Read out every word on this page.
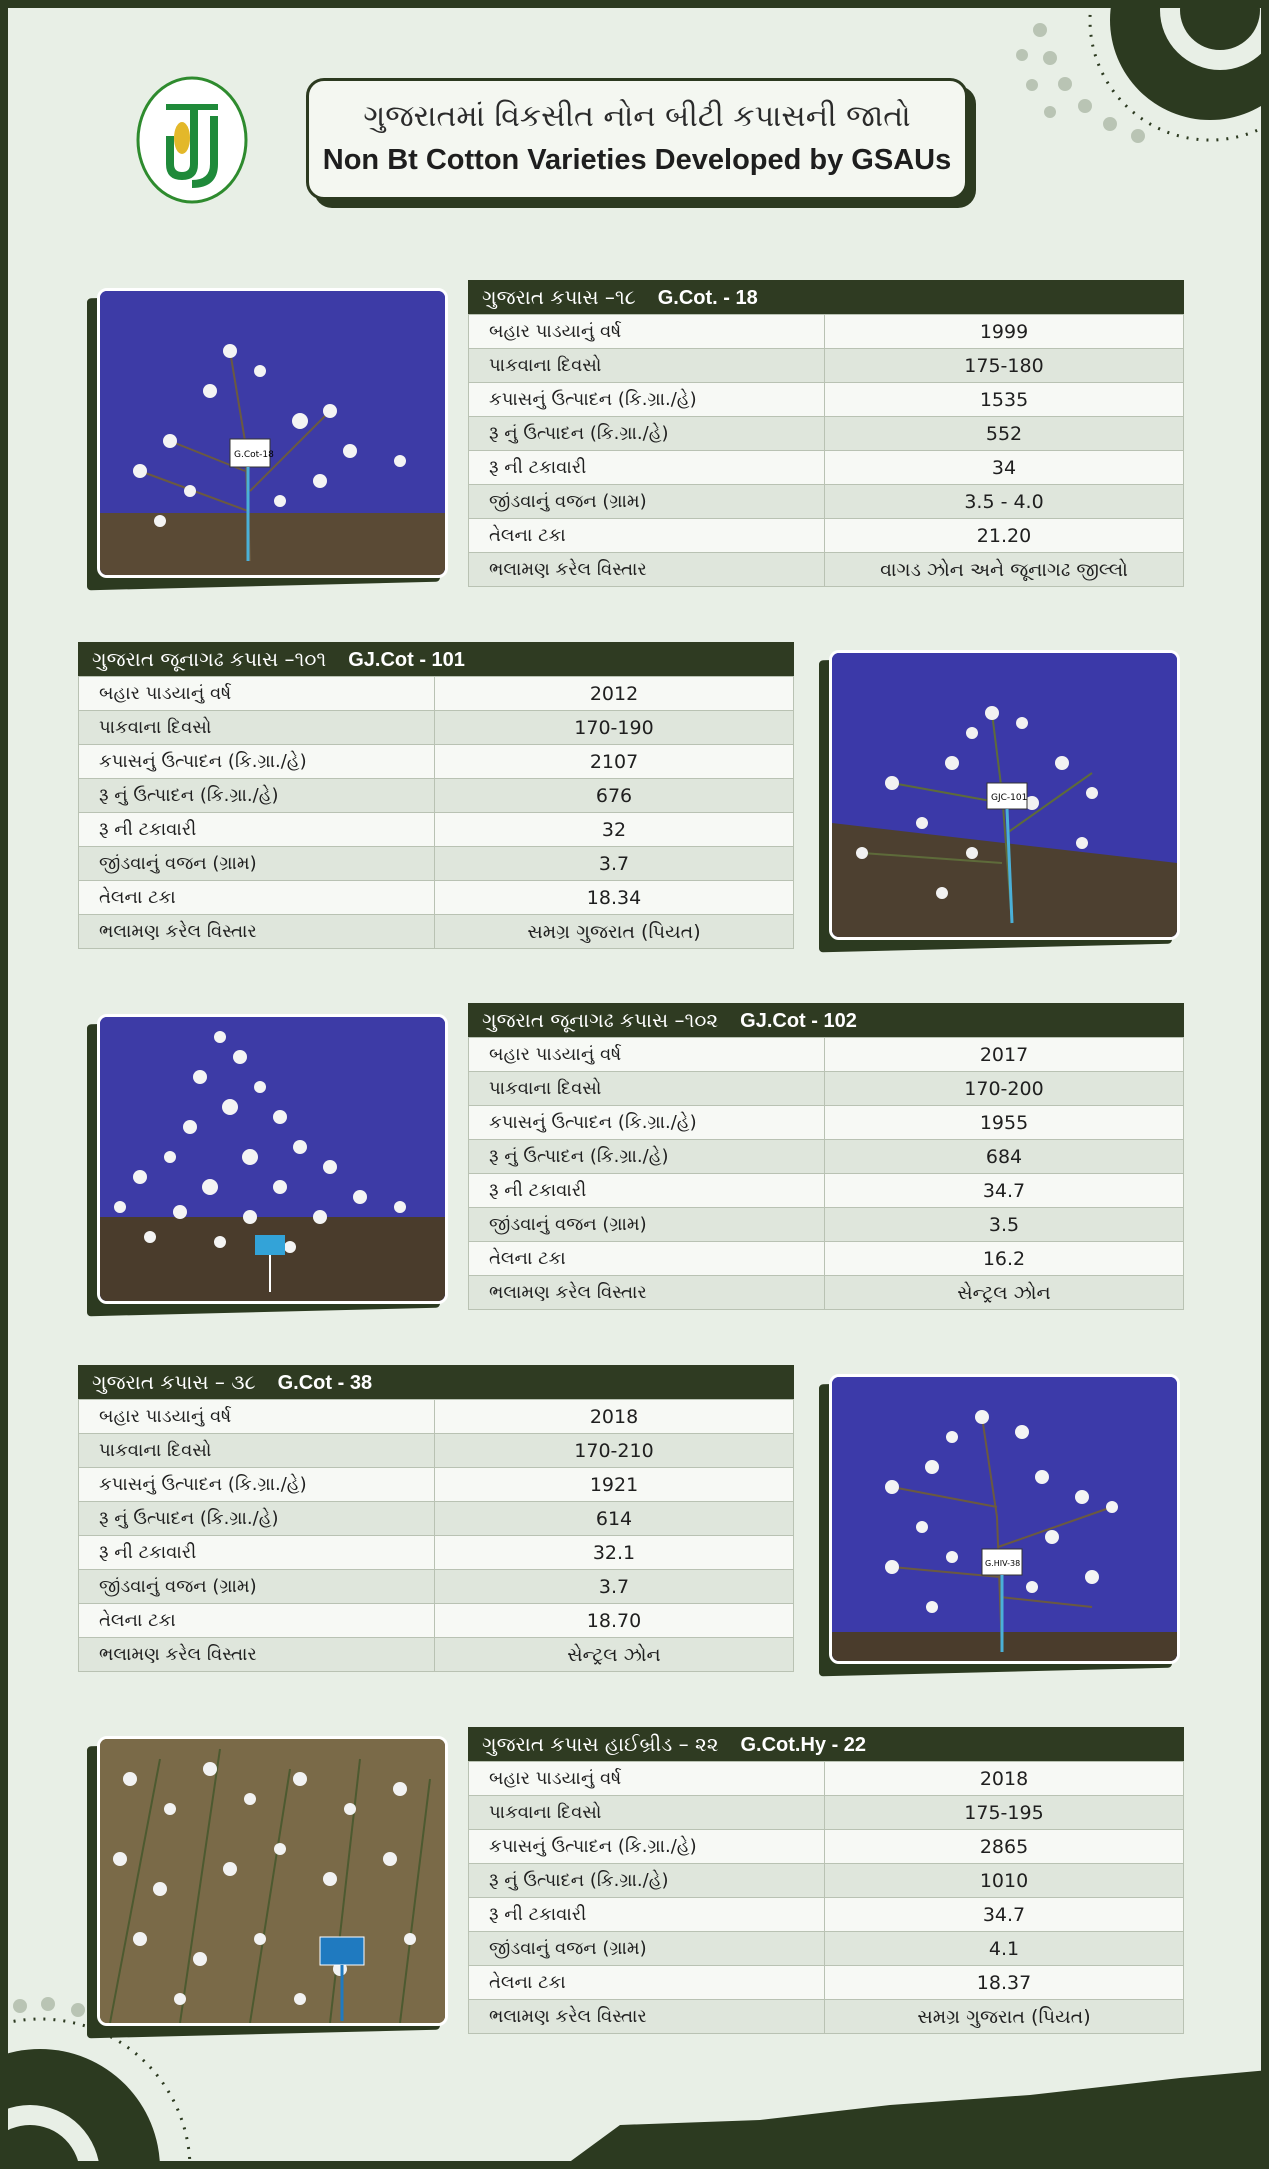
ગુજરાતમાં વિકસીત નોન બીટી કપાસની જાતો
Non Bt Cotton Varieties Developed by GSAUs
G.Cot-18
ગુજરાત કપાસ –૧૮ G.Cot. - 18
બહાર પાડયાનું વર્ષ	1999
પાકવાના દિવસો	175-180
કપાસનું ઉત્પાદન (કિ.ગ્રા./હે)	1535
રૂ નું ઉત્પાદન (કિ.ગ્રા./હે)	552
રૂ ની ટકાવારી	34
જીંડવાનું વજન (ગ્રામ)	3.5 - 4.0
તેલના ટકા	21.20
ભલામણ કરેલ વિસ્તાર	વાગડ ઝોન અને જૂનાગઢ જીલ્લો
ગુજરાત જૂનાગઢ કપાસ –૧૦૧ GJ.Cot - 101
બહાર પાડયાનું વર્ષ	2012
પાકવાના દિવસો	170-190
કપાસનું ઉત્પાદન (કિ.ગ્રા./હે)	2107
રૂ નું ઉત્પાદન (કિ.ગ્રા./હે)	676
રૂ ની ટકાવારી	32
જીંડવાનું વજન (ગ્રામ)	3.7
તેલના ટકા	18.34
ભલામણ કરેલ વિસ્તાર	સમગ્ર ગુજરાત (પિયત)
GJC-101
ગુજરાત જૂનાગઢ કપાસ –૧૦૨ GJ.Cot - 102
બહાર પાડયાનું વર્ષ	2017
પાકવાના દિવસો	170-200
કપાસનું ઉત્પાદન (કિ.ગ્રા./હે)	1955
રૂ નું ઉત્પાદન (કિ.ગ્રા./હે)	684
રૂ ની ટકાવારી	34.7
જીંડવાનું વજન (ગ્રામ)	3.5
તેલના ટકા	16.2
ભલામણ કરેલ વિસ્તાર	સેન્ટ્રલ ઝોન
ગુજરાત કપાસ – ૩૮ G.Cot - 38
બહાર પાડયાનું વર્ષ	2018
પાકવાના દિવસો	170-210
કપાસનું ઉત્પાદન (કિ.ગ્રા./હે)	1921
રૂ નું ઉત્પાદન (કિ.ગ્રા./હે)	614
રૂ ની ટકાવારી	32.1
જીંડવાનું વજન (ગ્રામ)	3.7
તેલના ટકા	18.70
ભલામણ કરેલ વિસ્તાર	સેન્ટ્રલ ઝોન
G.HIV-38
ગુજરાત કપાસ હાઈબ્રીડ – ૨૨ G.Cot.Hy - 22
બહાર પાડયાનું વર્ષ	2018
પાકવાના દિવસો	175-195
કપાસનું ઉત્પાદન (કિ.ગ્રા./હે)	2865
રૂ નું ઉત્પાદન (કિ.ગ્રા./હે)	1010
રૂ ની ટકાવારી	34.7
જીંડવાનું વજન (ગ્રામ)	4.1
તેલના ટકા	18.37
ભલામણ કરેલ વિસ્તાર	સમગ્ર ગુજરાત (પિયત)
